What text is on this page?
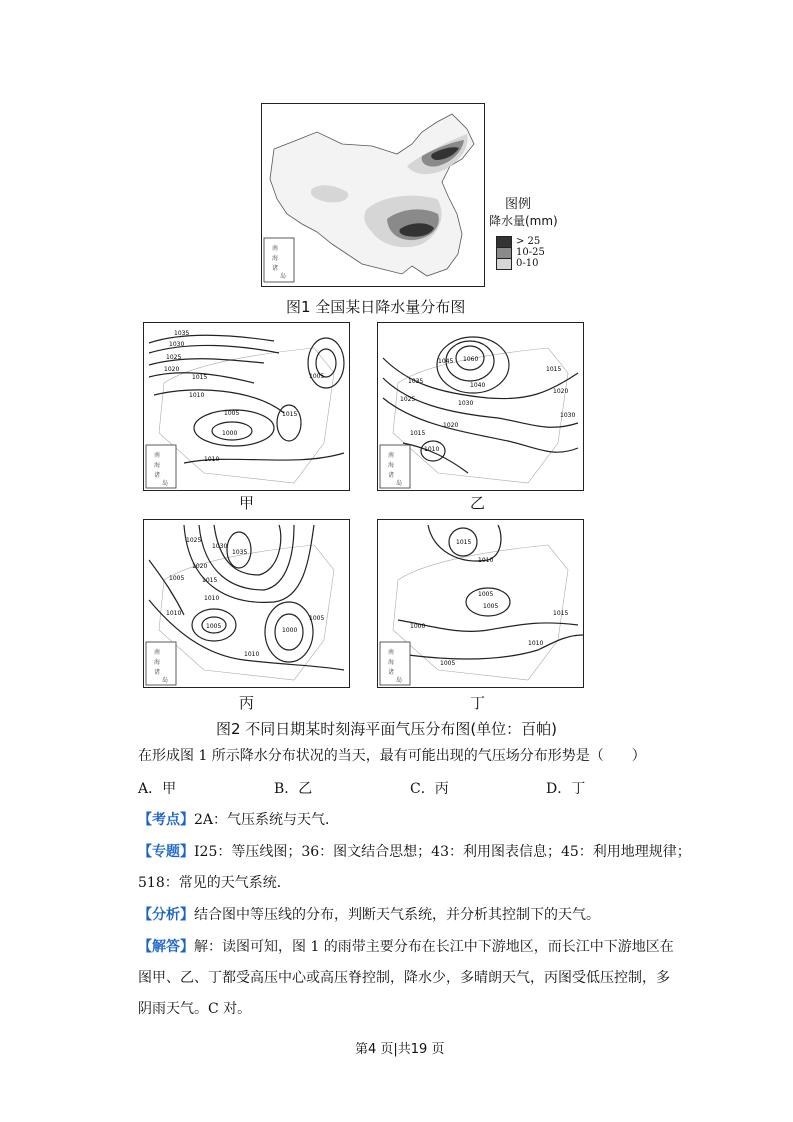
南
海
诸
岛
图例
降水量(mm)
> 25
10-25
0-10
图1 全国某日降水量分布图
1035
1030
1025
1020
1015
1010
1005
1000
1015
1010
1005
南
海
诸
岛
甲
1060
1045
1040
1035
1030
1025
1020
1015
1010
1015
1020
1030
南
海
诸
岛
乙
1035
1030
1025
1020
1015
1010
1005
1005
1010
1000
1005
1010
南
海
诸
岛
丙
1015
1010
1005
1005
1000
1005
1010
1015
南
海
诸
岛
丁
图2 不同日期某时刻海平面气压分布图(单位：百帕)
在形成图 1 所示降水分布状况的当天，最有可能出现的气压场分布形势是（　　）
A．甲	B．乙	C．丙	D．丁
【考点】2A：气压系统与天气．
【专题】I25：等压线图；36：图文结合思想；43：利用图表信息；45：利用地理规律；
518：常见的天气系统．
【分析】结合图中等压线的分布，判断天气系统，并分析其控制下的天气。
【解答】解：读图可知，图 1 的雨带主要分布在长江中下游地区，而长江中下游地区在
图甲、乙、丁都受高压中心或高压脊控制，降水少，多晴朗天气，丙图受低压控制，多
阴雨天气。C 对。
第4 页|共19 页
